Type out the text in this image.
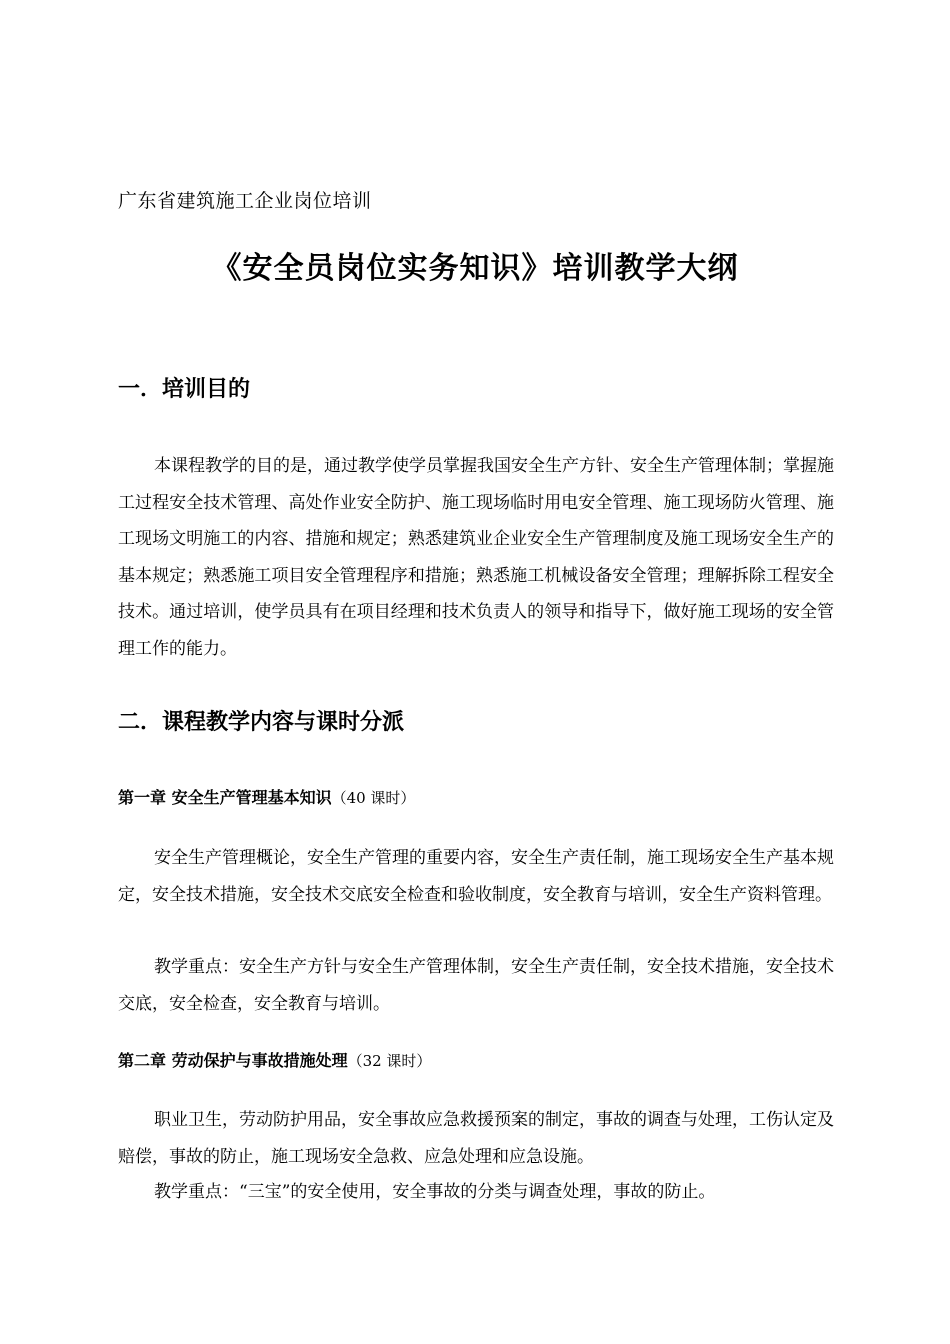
广东省建筑施工企业岗位培训

《安全员岗位实务知识》培训教学大纲
一．培训目的

本课程教学的目的是，通过教学使学员掌握我国安全生产方针、安全生产管理体制；掌握施工过程安全技术管理、高处作业安全防护、施工现场临时用电安全管理、施工现场防火管理、施工现场文明施工的内容、措施和规定；熟悉建筑业企业安全生产管理制度及施工现场安全生产的基本规定；熟悉施工项目安全管理程序和措施；熟悉施工机械设备安全管理；理解拆除工程安全技术。通过培训，使学员具有在项目经理和技术负责人的领导和指导下，做好施工现场的安全管理工作的能力。

二．课程教学内容与课时分派
第一章 安全生产管理基本知识（40 课时）

安全生产管理概论，安全生产管理的重要内容，安全生产责任制，施工现场安全生产基本规定，安全技术措施，安全技术交底安全检查和验收制度，安全教育与培训，安全生产资料管理。

教学重点：安全生产方针与安全生产管理体制，安全生产责任制，安全技术措施，安全技术交底，安全检查，安全教育与培训。

第二章 劳动保护与事故措施处理（32 课时）

职业卫生，劳动防护用品，安全事故应急救援预案的制定，事故的调查与处理，工伤认定及赔偿，事故的防止，施工现场安全急救、应急处理和应急设施。

教学重点：“三宝”的安全使用，安全事故的分类与调查处理，事故的防止。
